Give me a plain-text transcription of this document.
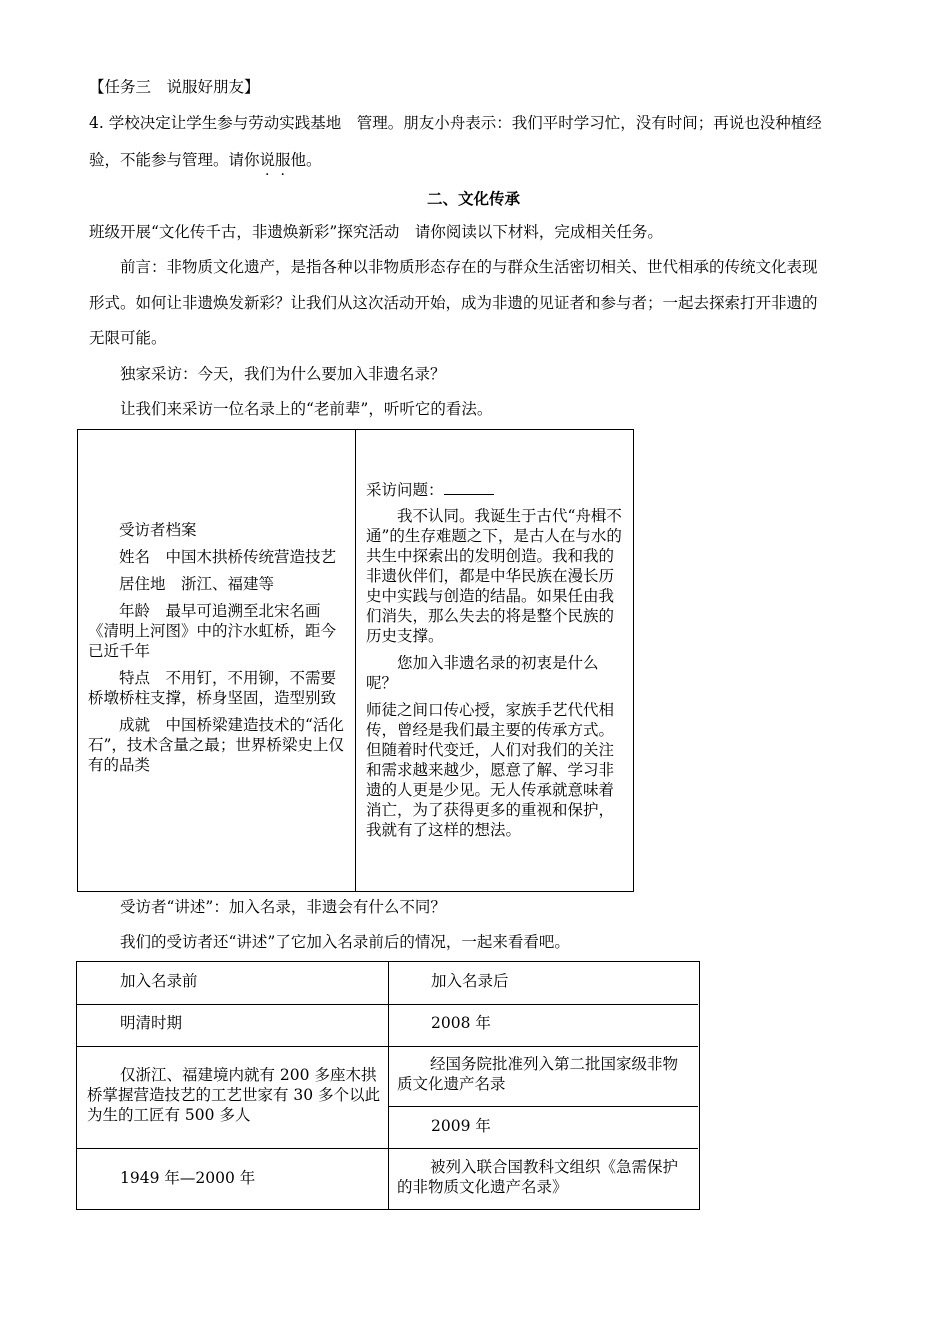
【任务三　说服好朋友】
4. 学校决定让学生参与劳动实践基地　管理。朋友小舟表示：我们平时学习忙，没有时间；再说也没种植经
验，不能参与管理。请你说服他。
二、文化传承
班级开展“文化传千古，非遗焕新彩”探究活动　请你阅读以下材料，完成相关任务。
前言：非物质文化遗产，是指各种以非物质形态存在的与群众生活密切相关、世代相承的传统文化表现
形式。如何让非遗焕发新彩？让我们从这次活动开始，成为非遗的见证者和参与者；一起去探索打开非遗的
无限可能。
独家采访：今天，我们为什么要加入非遗名录？
让我们来采访一位名录上的“老前辈”，听听它的看法。

受访者档案

姓名　中国木拱桥传统营造技艺

居住地　浙江、福建等

年龄　最早可追溯至北宋名画《清明上河图》中的汴水虹桥，距今已近千年

特点　不用钉，不用铆，不需要桥墩桥柱支撑，桥身坚固，造型别致

成就　中国桥梁建造技术的“活化石”，技术含量之最；世界桥梁史上仅有的品类

采访问题：

我不认同。我诞生于古代“舟楫不通”的生存难题之下，是古人在与水的共生中探索出的发明创造。我和我的非遗伙伴们，都是中华民族在漫长历史中实践与创造的结晶。如果任由我们消失，那么失去的将是整个民族的历史支撑。

您加入非遗名录的初衷是什么呢？

师徒之间口传心授，家族手艺代代相传，曾经是我们最主要的传承方式。但随着时代变迁，人们对我们的关注和需求越来越少，愿意了解、学习非遗的人更是少见。无人传承就意味着消亡，为了获得更多的重视和保护，我就有了这样的想法。

受访者“讲述”：加入名录，非遗会有什么不同？
我们的受访者还“讲述”了它加入名录前后的情况，一起来看看吧。
加入名录前	加入名录后
明清时期	2008 年
仅浙江、福建境内就有 200 多座木拱桥掌握营造技艺的工艺世家有 30 多个以此为生的工匠有 500 多人
经国务院批准列入第二批国家级非物质文化遗产名录
2009 年
1949 年—2000 年
被列入联合国教科文组织《急需保护的非物质文化遗产名录》
